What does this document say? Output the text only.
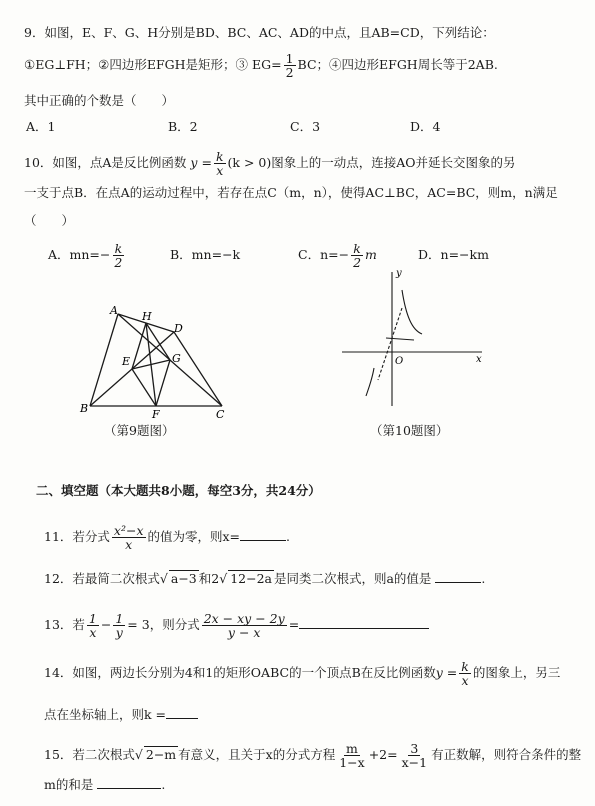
9．如图，E、F、G、H分别是BD、BC、AC、AD的中点，且AB=CD，下列结论：
①EG⊥FH；②四边形EFGH是矩形；③ $EG= \frac{1}{2}$ BC；④四边形EFGH周长等于2AB.
其中正确的个数是（　　）
A．1	B．2	C．3	D．4
10．如图，点A是反比例函数 $y = \frac{k}{x} (k > 0)$图象上的一动点，连接AO并延长交图象的另
一支于点B．在点A的运动过程中，若存在点C（m，n），使得AC⊥BC，AC=BC，则m，n满足
（　　）
A．$mn=- \frac{k}{2}$	B．mn=−k	C．$n=- \frac{k}{2}$ m	D．n=−km
A H
D
E	G
B	F	C
（第9题图）
y
x
O
（第10题图）
二、填空题（本大题共8小题，每空3分，共24分）
11．若分式 $\frac{\text{x²−x}}{x}$ 的值为零，则x=	.
12．若最简二次根式√ a−3 和2√ 12−2a 是同类二次根式，则a的值是	.
13．若 $\frac{1}{x} - \frac{1}{y} = 3$，则分式 $\frac{2x - xy - 2y}{y - x}$ =
14．如图，两边长分别为4和1的矩形OABC的一个顶点B在反比例函数$y = \frac{k}{x}$ 的图象上，另三
点在坐标轴上，则k =
15．若二次根式√ 2−m 有意义，且关于x的分式方程 $\frac{m}{1-x} +2= \frac{3}{x-1}$ 有正数解，则符合条件的整
m的和是	.
